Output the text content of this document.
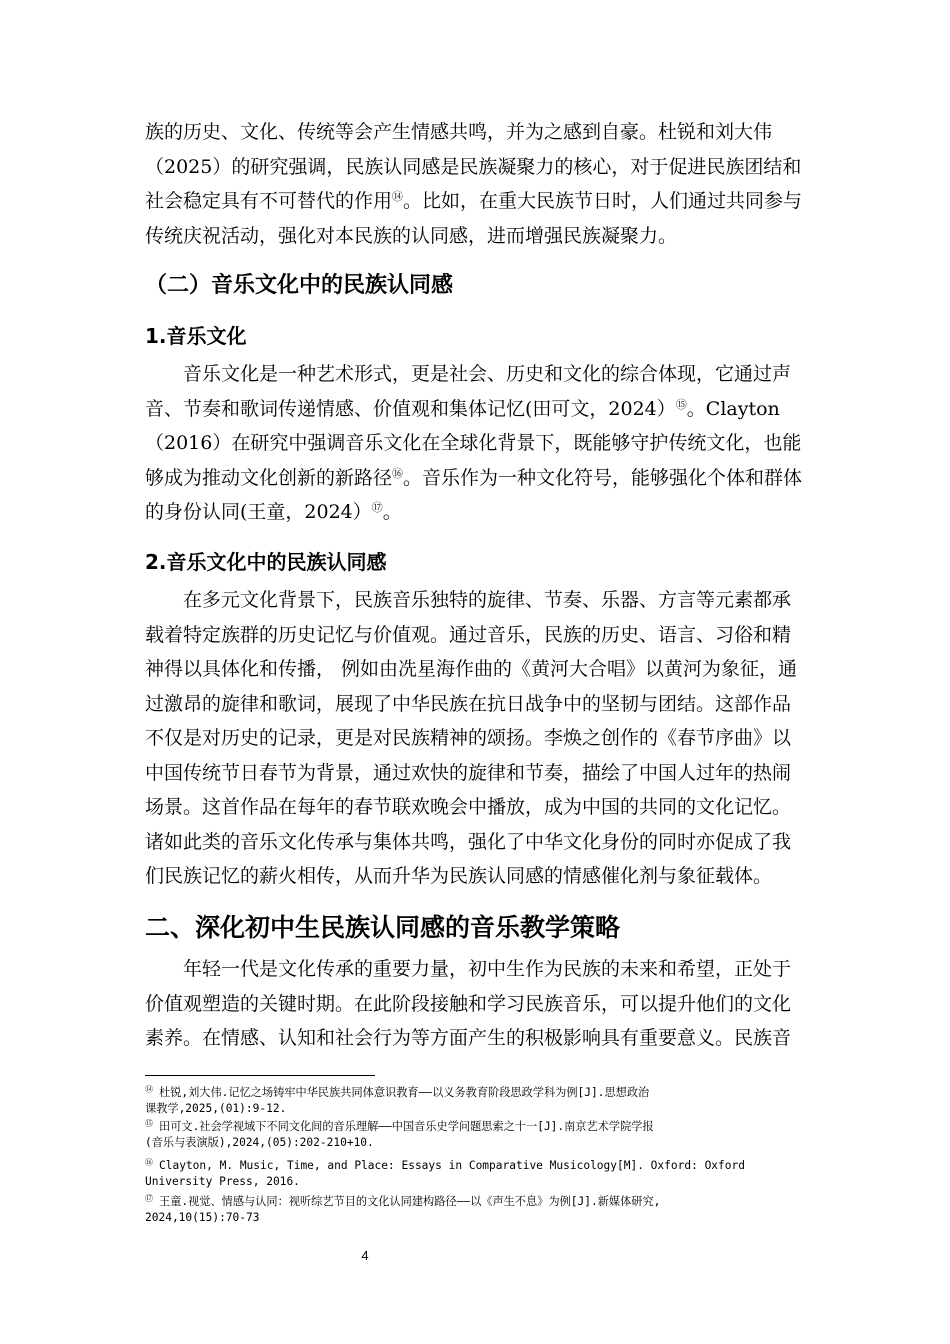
族的历史、文化、传统等会产生情感共鸣，并为之感到自豪。杜锐和刘大伟
（2025）的研究强调，民族认同感是民族凝聚力的核心，对于促进民族团结和
社会稳定具有不可替代的作用⑭。比如，在重大民族节日时，人们通过共同参与
传统庆祝活动，强化对本民族的认同感，进而增强民族凝聚力。
（二）音乐文化中的民族认同感
1.音乐文化
音乐文化是一种艺术形式，更是社会、历史和文化的综合体现，它通过声
音、节奏和歌词传递情感、价值观和集体记忆(田可文，2024）⑮。Clayton
（2016）在研究中强调音乐文化在全球化背景下，既能够守护传统文化，也能
够成为推动文化创新的新路径⑯。音乐作为一种文化符号，能够强化个体和群体
的身份认同(王童，2024）⑰。
2.音乐文化中的民族认同感
在多元文化背景下，民族音乐独特的旋律、节奏、乐器、方言等元素都承
载着特定族群的历史记忆与价值观。通过音乐，民族的历史、语言、习俗和精
神得以具体化和传播， 例如由冼星海作曲的《黄河大合唱》以黄河为象征，通
过激昂的旋律和歌词，展现了中华民族在抗日战争中的坚韧与团结。这部作品
不仅是对历史的记录，更是对民族精神的颂扬。李焕之创作的《春节序曲》以
中国传统节日春节为背景，通过欢快的旋律和节奏，描绘了中国人过年的热闹
场景。这首作品在每年的春节联欢晚会中播放，成为中国的共同的文化记忆。
诸如此类的音乐文化传承与集体共鸣，强化了中华文化身份的同时亦促成了我
们民族记忆的薪火相传，从而升华为民族认同感的情感催化剂与象征载体。
二、深化初中生民族认同感的音乐教学策略
年轻一代是文化传承的重要力量，初中生作为民族的未来和希望，正处于
价值观塑造的关键时期。在此阶段接触和学习民族音乐，可以提升他们的文化
素养。在情感、认知和社会行为等方面产生的积极影响具有重要意义。民族音
⑭ 杜锐,刘大伟.记忆之场铸牢中华民族共同体意识教育——以义务教育阶段思政学科为例[J].思想政治
课教学,2025,(01):9-12.
⑮ 田可文.社会学视域下不同文化间的音乐理解——中国音乐史学问题思索之十一[J].南京艺术学院学报
(音乐与表演版),2024,(05):202-210+10.
⑯ Clayton, M. Music, Time, and Place: Essays in Comparative Musicology[M]. Oxford: Oxford
University Press, 2016.
⑰ 王童.视觉、情感与认同：视听综艺节目的文化认同建构路径——以《声生不息》为例[J].新媒体研究,
2024,10(15):70-73
4
